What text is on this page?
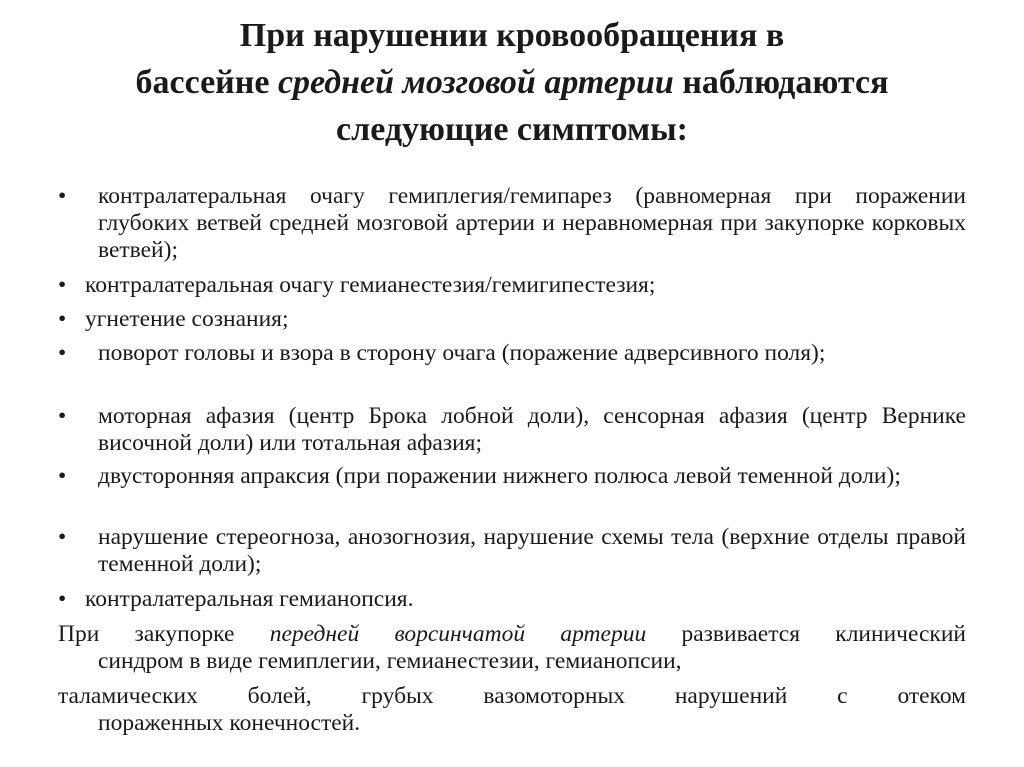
При нарушении кровообращения в
бассейне средней мозговой артерии наблюдаются
следующие симптомы:
• контралатеральная очагу гемиплегия/гемипарез (равномерная при поражении глубоких ветвей средней мозговой артерии и неравномерная при закупорке корковых ветвей);
• контралатеральная очагу гемианестезия/гемигипестезия;
• угнетение сознания;
• поворот головы и взора в сторону очага (поражение адверсивного поля);
• моторная афазия (центр Брока лобной доли), сенсорная афазия (центр Вернике височной доли) или тотальная афазия;
• двусторонняя апраксия (при поражении нижнего полюса левой теменной доли);
• нарушение стереогноза, анозогнозия, нарушение схемы тела (верхние отделы правой теменной доли);
• контралатеральная гемианопсия.
При закупорке передней ворсинчатой артерии развивается клинический
синдром в виде гемиплегии, гемианестезии, гемианопсии,
таламических болей, грубых вазомоторных нарушений с отеком
пораженных конечностей.
